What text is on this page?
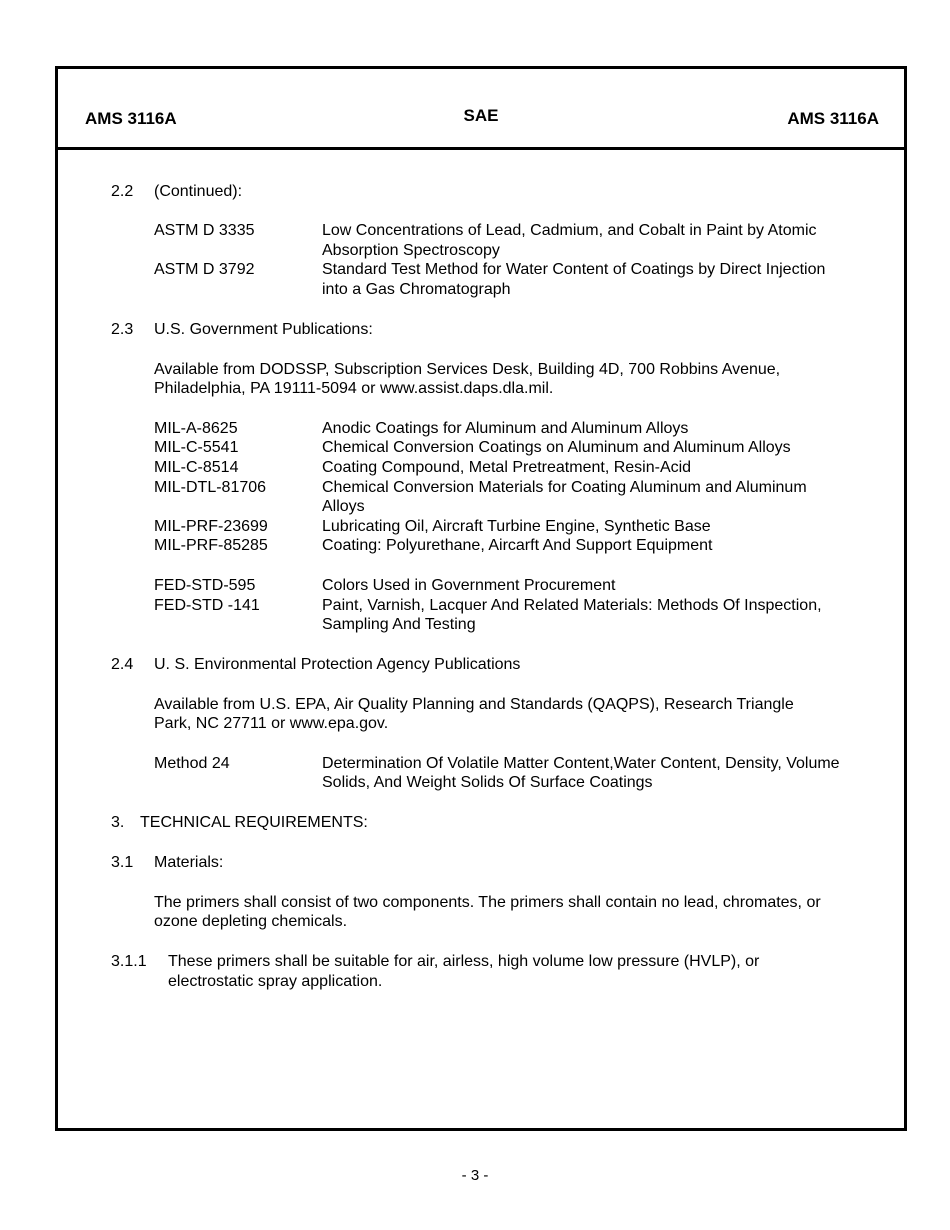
AMS 3116A	SAE	AMS 3116A
2.2 (Continued):
ASTM D 3335	Low Concentrations of Lead, Cadmium, and Cobalt in Paint by Atomic
Absorption Spectroscopy
ASTM D 3792	Standard Test Method for Water Content of Coatings by Direct Injection
into a Gas Chromatograph
2.3 U.S. Government Publications:
Available from DODSSP, Subscription Services Desk, Building 4D, 700 Robbins Avenue,
Philadelphia, PA 19111-5094 or www.assist.daps.dla.mil.
MIL-A-8625	Anodic Coatings for Aluminum and Aluminum Alloys
MIL-C-5541	Chemical Conversion Coatings on Aluminum and Aluminum Alloys
MIL-C-8514	Coating Compound, Metal Pretreatment, Resin-Acid
MIL-DTL-81706	Chemical Conversion Materials for Coating Aluminum and Aluminum
Alloys
MIL-PRF-23699	Lubricating Oil, Aircraft Turbine Engine, Synthetic Base
MIL-PRF-85285	Coating: Polyurethane, Aircarft And Support Equipment
FED-STD-595	Colors Used in Government Procurement
FED-STD -141	Paint, Varnish, Lacquer And Related Materials: Methods Of Inspection,
Sampling And Testing
2.4 U. S. Environmental Protection Agency Publications
Available from U.S. EPA, Air Quality Planning and Standards (QAQPS), Research Triangle
Park, NC 27711 or www.epa.gov.
Method 24	Determination Of Volatile Matter Content,Water Content, Density, Volume
Solids, And Weight Solids Of Surface Coatings
3. TECHNICAL REQUIREMENTS:
3.1 Materials:
The primers shall consist of two components. The primers shall contain no lead, chromates, or
ozone depleting chemicals.
3.1.1 These primers shall be suitable for air, airless, high volume low pressure (HVLP), or
electrostatic spray application.
- 3 -
